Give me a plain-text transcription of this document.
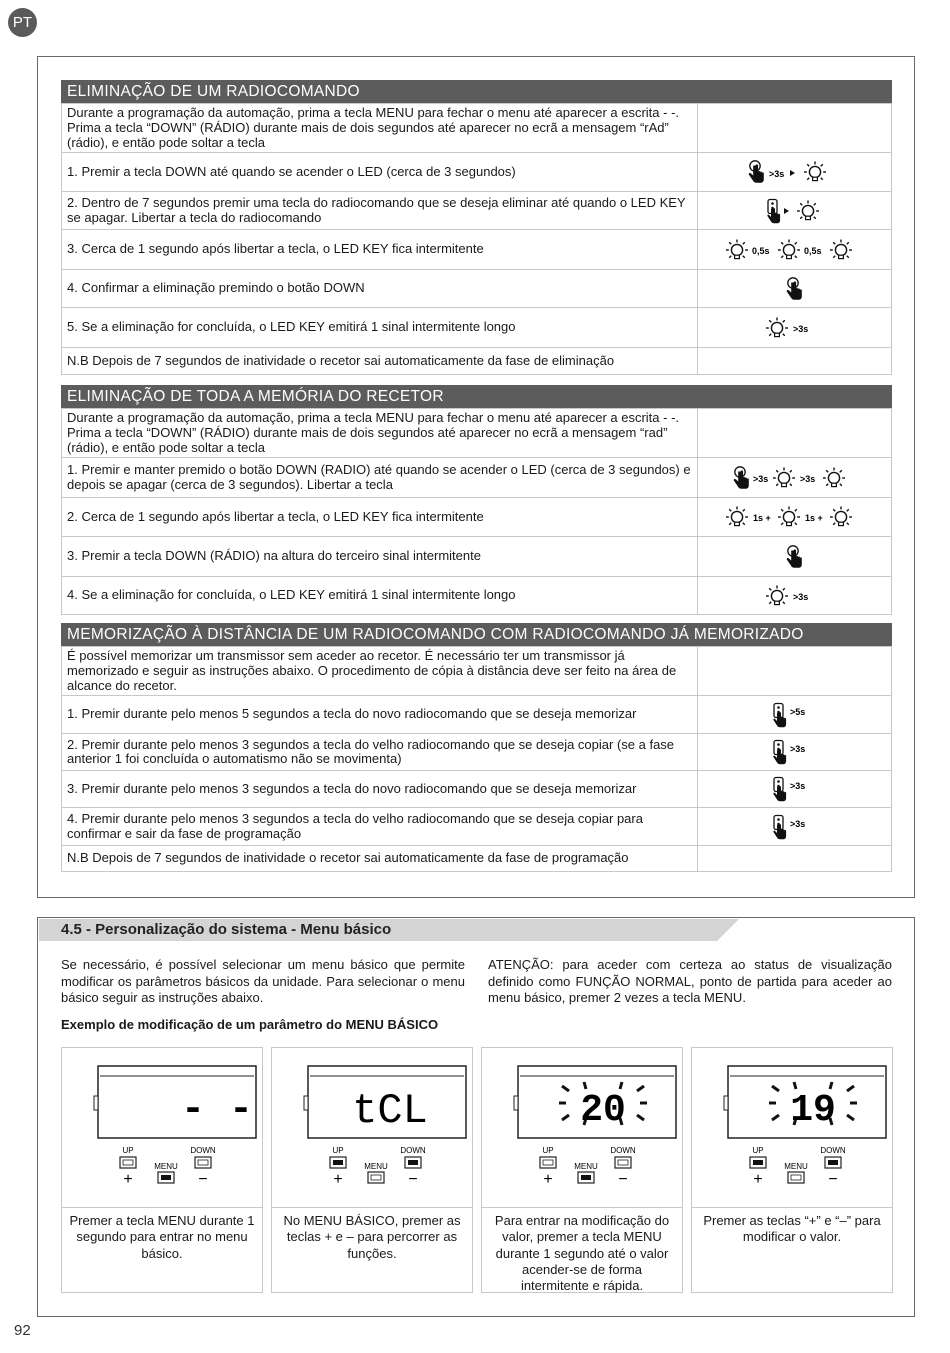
PT
ELIMINAÇÃO DE UM RADIOCOMANDO
Durante a programação da automação, prima a tecla MENU para fechar o menu até aparecer a escrita - -. Prima a tecla “DOWN” (RÁDIO) durante mais de dois segundos até aparecer no ecrã a mensagem “rAd” (rádio), e então pode soltar a tecla	
1. Premir a tecla DOWN até quando se acender o LED (cerca de 3 segundos)	>3s

2. Dentro de 7 segundos premir uma tecla do radiocomando que se deseja eliminar até quando o LED KEY se apagar. Libertar a tecla do radiocomando	
3. Cerca de 1 segundo após libertar a tecla, o LED KEY fica intermitente	0,5s 0,5s

4. Confirmar a eliminação premindo o botão DOWN	
5. Se a eliminação for concluída, o LED KEY emitirá 1 sinal intermitente longo	>3s

N.B Depois de 7 segundos de inatividade o recetor sai automaticamente da fase de eliminação	
ELIMINAÇÃO DE TODA A MEMÓRIA DO RECETOR
Durante a programação da automação, prima a tecla MENU para fechar o menu até aparecer a escrita - -. Prima a tecla “DOWN” (RÁDIO) durante mais de dois segundos até aparecer no ecrã a mensagem “rad” (rádio), e então pode soltar a tecla	
1. Premir e manter premido o botão DOWN (RADIO) até quando se acender o LED (cerca de 3 segundos) e depois se apagar (cerca de 3 segundos). Libertar a tecla	>3s >3s

2. Cerca de 1 segundo após libertar a tecla, o LED KEY fica intermitente	1s + 1s +

3. Premir a tecla DOWN (RÁDIO) na altura do terceiro sinal intermitente	
4. Se a eliminação for concluída, o LED KEY emitirá 1 sinal intermitente longo	>3s
MEMORIZAÇÃO À DISTÂNCIA DE UM RADIOCOMANDO COM RADIOCOMANDO JÁ MEMORIZADO
É possível memorizar um transmissor sem aceder ao recetor. É necessário ter um transmissor já memorizado e seguir as instruções abaixo. O procedimento de cópia à distância deve ser feito na área de alcance do recetor.	
1. Premir durante pelo menos 5 segundos a tecla do novo radiocomando que se deseja memorizar	>5s

2. Premir durante pelo menos 3 segundos a tecla do velho radiocomando que se deseja copiar (se a fase anterior 1 foi concluída o automatismo não se movimenta)	>3s

3. Premir durante pelo menos 3 segundos a tecla do novo radiocomando que se deseja memorizar	>3s

4. Premir durante pelo menos 3 segundos a tecla do velho radiocomando que se deseja copiar para confirmar e sair da fase de programação	>3s

N.B Depois de 7 segundos de inatividade o recetor sai automaticamente da fase de programação	
4.5 - Personalização do sistema - Menu básico
Se necessário, é possível selecionar um menu básico que permite modificar os parâmetros básicos da unidade. Para selecionar o menu básico seguir as instruções abaixo.
ATENÇÃO: para aceder com certeza ao status de visualização definido como FUNÇÃO NORMAL, ponto de partida para aceder ao menu básico, premer 2 vezes a tecla MENU.
Exemplo de modificação de um parâmetro do MENU BÁSICO
- -
UP
+
MENU
DOWN
−
Premer a tecla MENU durante 1 segundo para entrar no menu básico.
tCL
UP
+
MENU
DOWN
−
No MENU BÁSICO, premer as teclas + e – para percorrer as funções.
20
UP
+
MENU
DOWN
−
Para entrar na modificação do valor, premer a tecla MENU durante 1 segundo até o valor acender-se de forma intermitente e rápida.
19
UP
+
MENU
DOWN
−
Premer as teclas “+” e “–” para modificar o valor.
92
